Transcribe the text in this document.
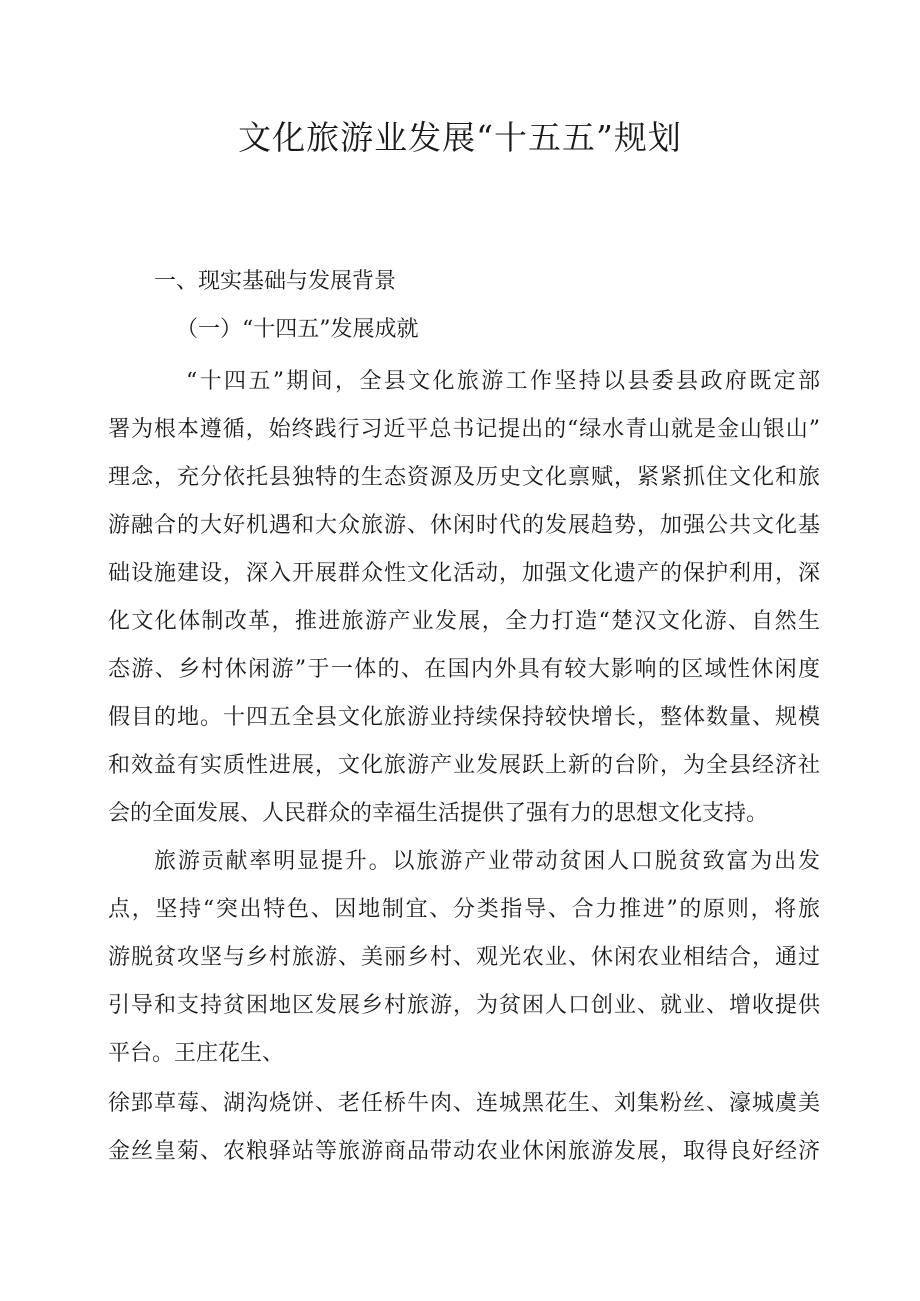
文化旅游业发展“十五五”规划
一、现实基础与发展背景
（一）“十四五”发展成就
“十四五”期间，全县文化旅游工作坚持以县委县政府既定部
署为根本遵循，始终践行习近平总书记提出的“绿水青山就是金山银山”
理念，充分依托县独特的生态资源及历史文化禀赋，紧紧抓住文化和旅
游融合的大好机遇和大众旅游、休闲时代的发展趋势，加强公共文化基
础设施建设，深入开展群众性文化活动，加强文化遗产的保护利用，深
化文化体制改革，推进旅游产业发展，全力打造“楚汉文化游、自然生
态游、乡村休闲游”于一体的、在国内外具有较大影响的区域性休闲度
假目的地。十四五全县文化旅游业持续保持较快增长，整体数量、规模
和效益有实质性进展，文化旅游产业发展跃上新的台阶，为全县经济社
会的全面发展、人民群众的幸福生活提供了强有力的思想文化支持。
旅游贡献率明显提升。以旅游产业带动贫困人口脱贫致富为出发
点，坚持“突出特色、因地制宜、分类指导、合力推进”的原则，将旅
游脱贫攻坚与乡村旅游、美丽乡村、观光农业、休闲农业相结合，通过
引导和支持贫困地区发展乡村旅游，为贫困人口创业、就业、增收提供
平台。王庄花生、
徐郢草莓、湖沟烧饼、老任桥牛肉、连城黑花生、刘集粉丝、濠城虞美
金丝皇菊、农粮驿站等旅游商品带动农业休闲旅游发展，取得良好经济
